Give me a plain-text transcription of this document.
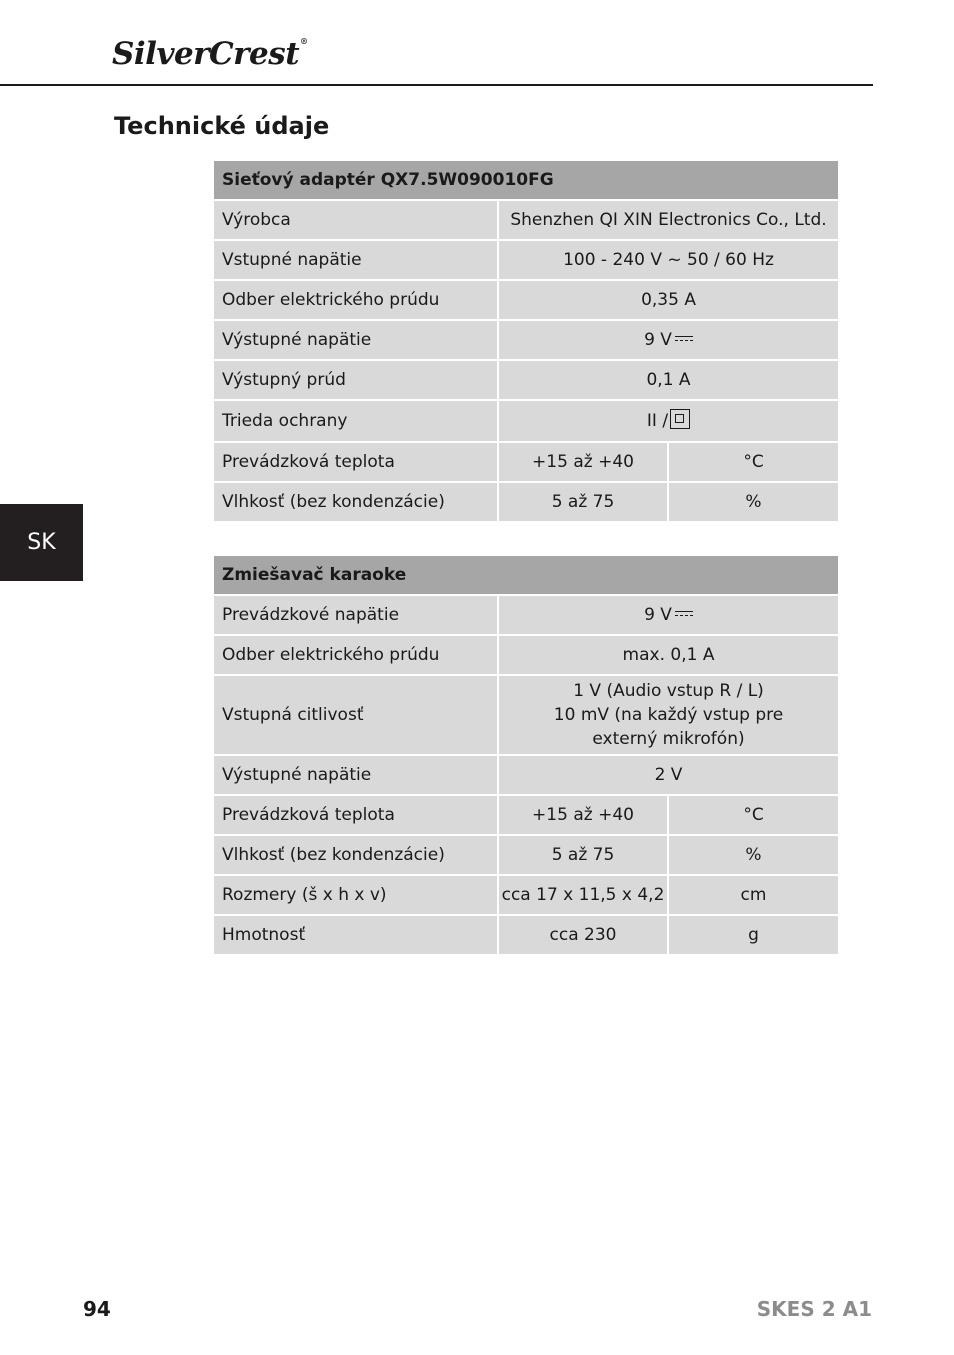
SilverCrest®
Technické údaje
SK
Sieťový adaptér QX7.5W090010FG		
Výrobca	Shenzhen QI XIN Electronics Co., Ltd.	
Vstupné napätie	100 - 240 V ~ 50 / 60 Hz	
Odber elektrického prúdu	0,35 A	
Výstupné napätie	9 V	
Výstupný prúd	0,1 A	
Trieda ochrany	II /	
Prevádzková teplota	+15 až +40	°C
Vlhkosť (bez kondenzácie)	5 až 75	%
Zmiešavač karaoke		
Prevádzkové napätie	9 V	
Odber elektrického prúdu	max. 0,1 A	
Vstupná citlivosť	1 V (Audio vstup R / L)
10 mV (na každý vstup pre externý mikrofón)	

Výstupné napätie	2 V	
Prevádzková teplota	+15 až +40	°C
Vlhkosť (bez kondenzácie)	5 až 75	%
Rozmery (š x h x v)	cca 17 x 11,5 x 4,2	cm
Hmotnosť	cca 230	g
94	SKES 2 A1
